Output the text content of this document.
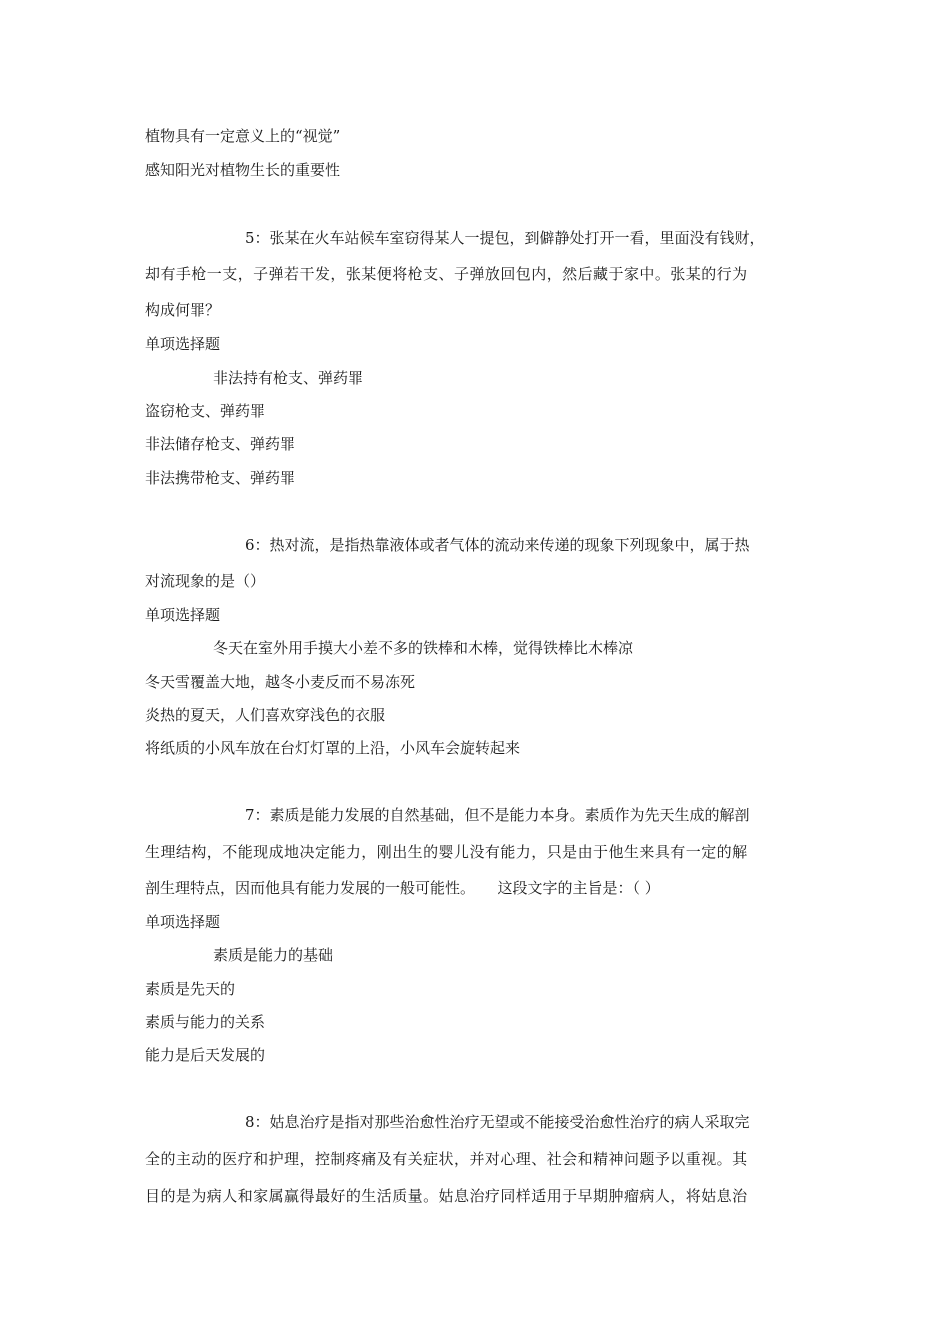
植物具有一定意义上的“视觉”
感知阳光对植物生长的重要性
5：张某在火车站候车室窃得某人一提包，到僻静处打开一看，里面没有钱财，
却有手枪一支，子弹若干发，张某便将枪支、子弹放回包内，然后藏于家中。张某的行为
构成何罪？
单项选择题
非法持有枪支、弹药罪
盗窃枪支、弹药罪
非法储存枪支、弹药罪
非法携带枪支、弹药罪
6：热对流，是指热靠液体或者气体的流动来传递的现象下列现象中，属于热
对流现象的是（）
单项选择题
冬天在室外用手摸大小差不多的铁棒和木棒，觉得铁棒比木棒凉
冬天雪覆盖大地，越冬小麦反而不易冻死
炎热的夏天，人们喜欢穿浅色的衣服
将纸质的小风车放在台灯灯罩的上沿，小风车会旋转起来
7：素质是能力发展的自然基础，但不是能力本身。素质作为先天生成的解剖
生理结构，不能现成地决定能力，刚出生的婴儿没有能力，只是由于他生来具有一定的解
剖生理特点，因而他具有能力发展的一般可能性。　　这段文字的主旨是：（ ）
单项选择题
素质是能力的基础
素质是先天的
素质与能力的关系
能力是后天发展的
8：姑息治疗是指对那些治愈性治疗无望或不能接受治愈性治疗的病人采取完
全的主动的医疗和护理，控制疼痛及有关症状，并对心理、社会和精神问题予以重视。其
目的是为病人和家属赢得最好的生活质量。姑息治疗同样适用于早期肿瘤病人，将姑息治
